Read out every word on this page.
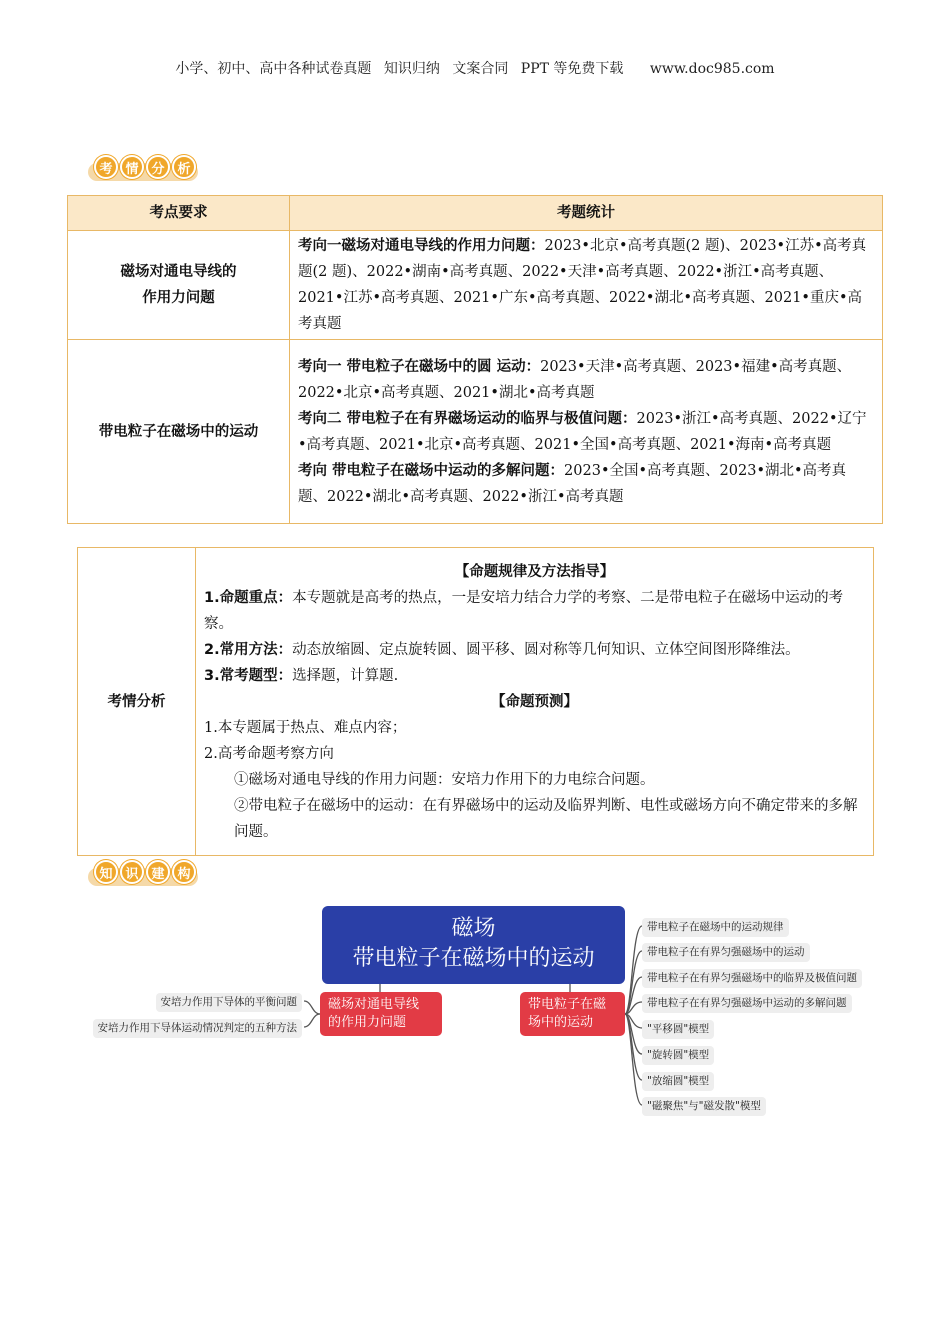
小学、初中、高中各种试卷真题 知识归纳 文案合同 PPT 等免费下载 www.doc985.com
考 情 分 析
考点要求	考题统计

磁场对通电导线的
作用力问题	考向一磁场对通电导线的作用力问题：2023•北京•高考真题(2 题)、2023•江苏•高考真题(2 题)、2022•湖南•高考真题、2022•天津•高考真题、2022•浙江•高考真题、2021•江苏•高考真题、2021•广东•高考真题、2022•湖北•高考真题、2021•重庆•高考真题
带电粒子在磁场中的运动	考向一 带电粒子在磁场中的圆 运动：2023•天津•高考真题、2023•福建•高考真题、2022•北京•高考真题、2021•湖北•高考真题
考向二 带电粒子在有界磁场运动的临界与极值问题：2023•浙江•高考真题、2022•辽宁•高考真题、2021•北京•高考真题、2021•全国•高考真题、2021•海南•高考真题
考向 带电粒子在磁场中运动的多解问题：2023•全国•高考真题、2023•湖北•高考真题、2022•湖北•高考真题、2022•浙江•高考真题
考情分析	
【命题规律及方法指导】
1.命题重点：本专题就是高考的热点，一是安培力结合力学的考察、二是带电粒子在磁场中运动的考察。
2.常用方法：动态放缩圆、定点旋转圆、圆平移、圆对称等几何知识、立体空间图形降维法。
3.常考题型：选择题，计算题.
【命题预测】
1.本专题属于热点、难点内容；
2.高考命题考察方向
①磁场对通电导线的作用力问题：安培力作用下的力电综合问题。
②带电粒子在磁场中的运动：在有界磁场中的运动及临界判断、电性或磁场方向不确定带来的多解问题。
知 识 建 构
磁场
带电粒子在磁场中的运动
磁场对通电导线
的作用力问题
带电粒子在磁
场中的运动
安培力作用下导体的平衡问题
安培力作用下导体运动情况判定的五种方法
带电粒子在磁场中的运动规律
带电粒子在有界匀强磁场中的运动
带电粒子在有界匀强磁场中的临界及极值问题
带电粒子在有界匀强磁场中运动的多解问题
"平移圆"模型
"旋转圆"模型
"放缩圆"模型
"磁聚焦"与"磁发散"模型
